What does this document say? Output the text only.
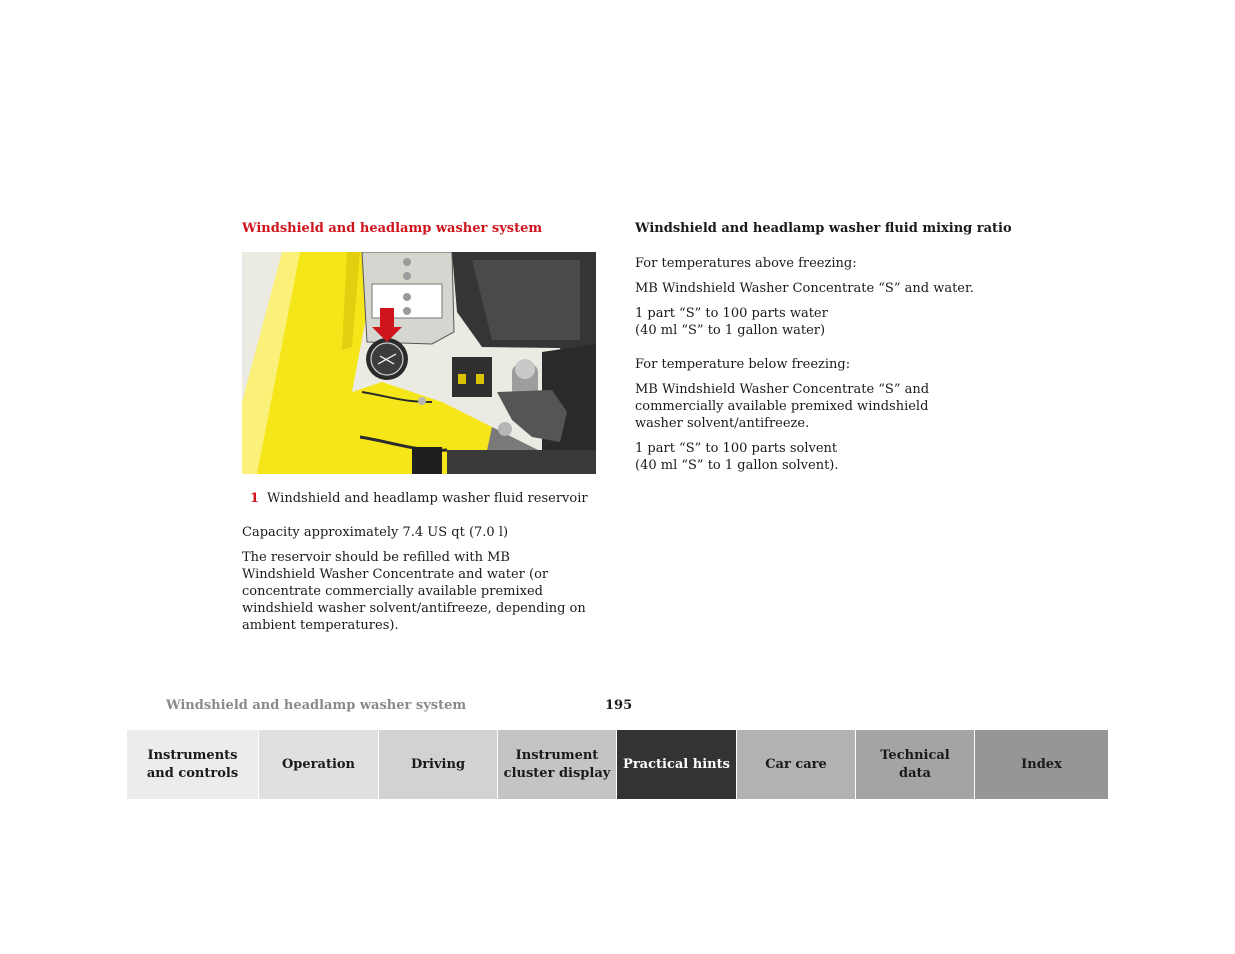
Windshield and headlamp washer system	Windshield and headlamp washer fluid mixing ratio
1 Windshield and headlamp washer fluid reservoir

Capacity approximately 7.4 US qt (7.0 l)

The reservoir should be refilled with MB Windshield Washer Concentrate and water (or concentrate commercially available premixed windshield washer solvent/antifreeze, depending on ambient temperatures).

For temperatures above freezing:

MB Windshield Washer Concentrate “S” and water.

1 part “S” to 100 parts water
(40 ml “S” to 1 gallon water)

For temperature below freezing:

MB Windshield Washer Concentrate “S” and commercially available premixed windshield washer solvent/antifreeze.

1 part “S” to 100 parts solvent
(40 ml “S” to 1 gallon solvent).

Windshield and headlamp washer system	195
Instruments
and controls
Operation	Driving
Instrument
cluster display
Practical hints	Car care
Technical
data
Index
